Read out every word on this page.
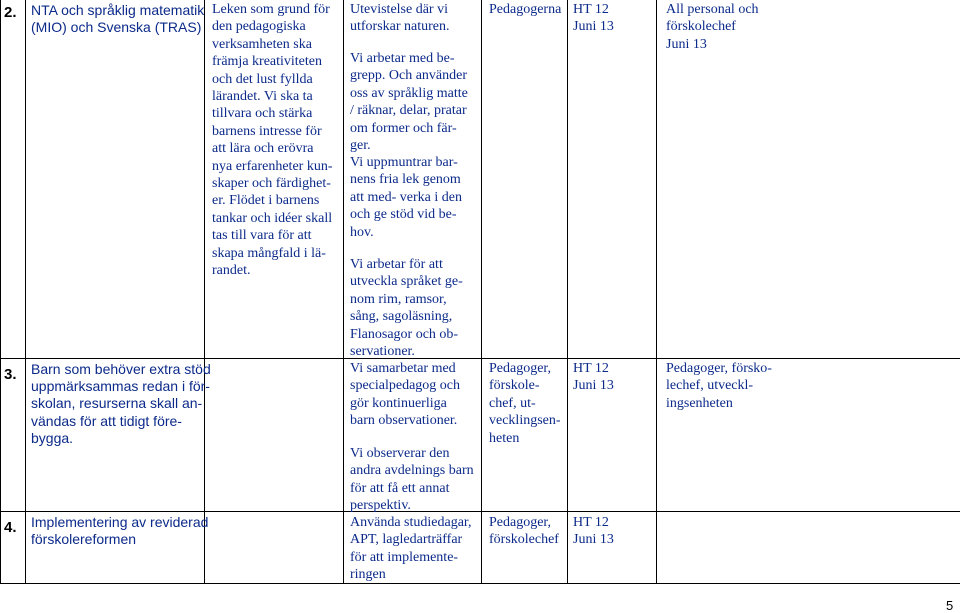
2. NTA och språklig matematik
(MIO) och Svenska (TRAS)

Leken som grund för
den pedagogiska
verksamheten ska
främja kreativiteten
och det lust fyllda
lärandet. Vi ska ta
tillvara och stärka
barnens intresse för
att lära och erövra
nya erfarenheter kun-
skaper och färdighet-
er. Flödet i barnens
tankar och idéer skall
tas till vara för att
skapa mångfald i lä-
randet.

Utevistelse där vi
utforskar naturen.

Vi arbetar med be-
grepp. Och använder
oss av språklig matte
/ räknar, delar, pratar
om former och fär-
ger.

Vi uppmuntrar bar-
nens fria lek genom
att med- verka i den
och ge stöd vid be-
hov.

Vi arbetar för att
utveckla språket ge-
nom rim, ramsor,
sång, sagoläsning,
Flanosagor och ob-
servationer.

Pedagogerna HT 12
Juni 13

All personal och
förskolechef
Juni 13

3. Barn som behöver extra stöd
uppmärksammas redan i för-
skolan, resurserna skall an-
vändas för att tidigt före-
bygga.

Vi samarbetar med
specialpedagog och
gör kontinuerliga
barn observationer.

Vi observerar den
andra avdelnings barn
för att få ett annat
perspektiv.

Pedagoger,
förskole-
chef, ut-
vecklingsen-
heten

HT 12
Juni 13

Pedagoger, försko-
lechef, utveckl-
ingsenheten

4. Implementering av reviderad
förskolereformen

Använda studiedagar,
APT, lagledarträffar
för att implemente-
ringen

Pedagoger,
förskolechef

HT 12
Juni 13

5
